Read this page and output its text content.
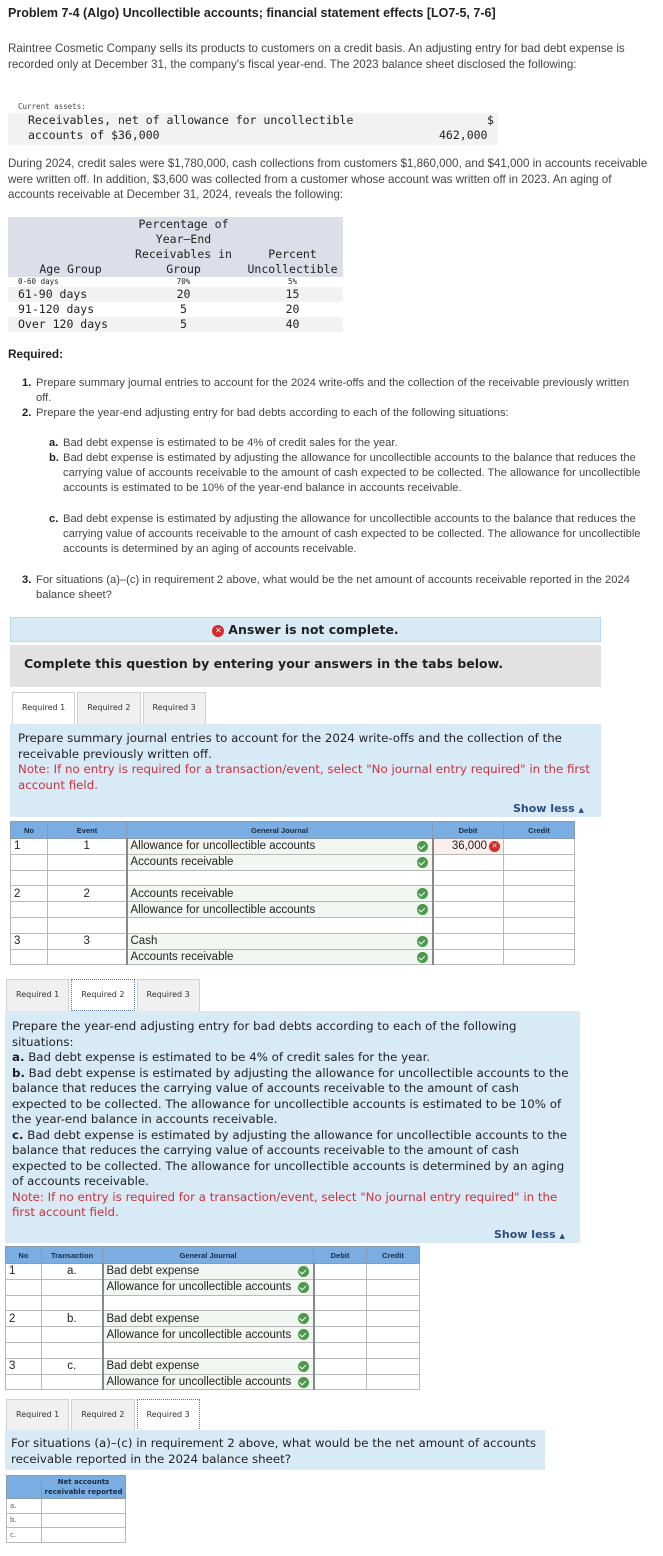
Problem 7-4 (Algo) Uncollectible accounts; financial statement effects [LO7-5, 7-6]
Raintree Cosmetic Company sells its products to customers on a credit basis. An adjusting entry for bad debt expense is recorded only at December 31, the company's fiscal year-end. The 2023 balance sheet disclosed the following:
Current assets:
Receivables, net of allowance for uncollectible
accounts of $36,000
$
462,000
During 2024, credit sales were $1,780,000, cash collections from customers $1,860,000, and $41,000 in accounts receivable were written off. In addition, $3,600 was collected from a customer whose account was written off in 2023. An aging of accounts receivable at December 31, 2024, reveals the following:
Age Group	Percentage of
Year–End
Receivables in
Group	Percent
Uncollectible
0-60 days	70%	5%
61-90 days	20	15
91-120 days	5	20
Over 120 days	5	40
Required:
1. Prepare summary journal entries to account for the 2024 write-offs and the collection of the receivable previously written off.
2. Prepare the year-end adjusting entry for bad debts according to each of the following situations:
a. Bad debt expense is estimated to be 4% of credit sales for the year.
b. Bad debt expense is estimated by adjusting the allowance for uncollectible accounts to the balance that reduces the carrying value of accounts receivable to the amount of cash expected to be collected. The allowance for uncollectible accounts is estimated to be 10% of the year-end balance in accounts receivable.
c. Bad debt expense is estimated by adjusting the allowance for uncollectible accounts to the balance that reduces the carrying value of accounts receivable to the amount of cash expected to be collected. The allowance for uncollectible accounts is determined by an aging of accounts receivable.
3. For situations (a)–(c) in requirement 2 above, what would be the net amount of accounts receivable reported in the 2024 balance sheet?
✕ Answer is not complete.
Complete this question by entering your answers in the tabs below.
Required 1	Required 2	Required 3
Prepare summary journal entries to account for the 2024 write-offs and the collection of the receivable previously written off.
Note: If no entry is required for a transaction/event, select "No journal entry required" in the first account field.
Show less ▲
No	Event	General Journal	Debit	Credit
1	1	Allowance for uncollectible accounts	36,000 ✕	

		Accounts receivable

2	2	Accounts receivable

		Allowance for uncollectible accounts

3	3	Cash

		Accounts receivable

Required 1	Required 2	Required 3
Prepare the year-end adjusting entry for bad debts according to each of the following situations:
a. Bad debt expense is estimated to be 4% of credit sales for the year.
b. Bad debt expense is estimated by adjusting the allowance for uncollectible accounts to the balance that reduces the carrying value of accounts receivable to the amount of cash expected to be collected. The allowance for uncollectible accounts is estimated to be 10% of the year-end balance in accounts receivable.
c. Bad debt expense is estimated by adjusting the allowance for uncollectible accounts to the balance that reduces the carrying value of accounts receivable to the amount of cash expected to be collected. The allowance for uncollectible accounts is determined by an aging of accounts receivable.
Note: If no entry is required for a transaction/event, select "No journal entry required" in the first account field.
Show less ▲
No	Transaction	General Journal	Debit	Credit
1	a.	Bad debt expense

		Allowance for uncollectible accounts

2	b.	Bad debt expense

		Allowance for uncollectible accounts

3	c.	Bad debt expense

		Allowance for uncollectible accounts

Required 1	Required 2	Required 3
For situations (a)–(c) in requirement 2 above, what would be the net amount of accounts receivable reported in the 2024 balance sheet?
	Net accounts receivable reported
a.	
b.	
c.	
